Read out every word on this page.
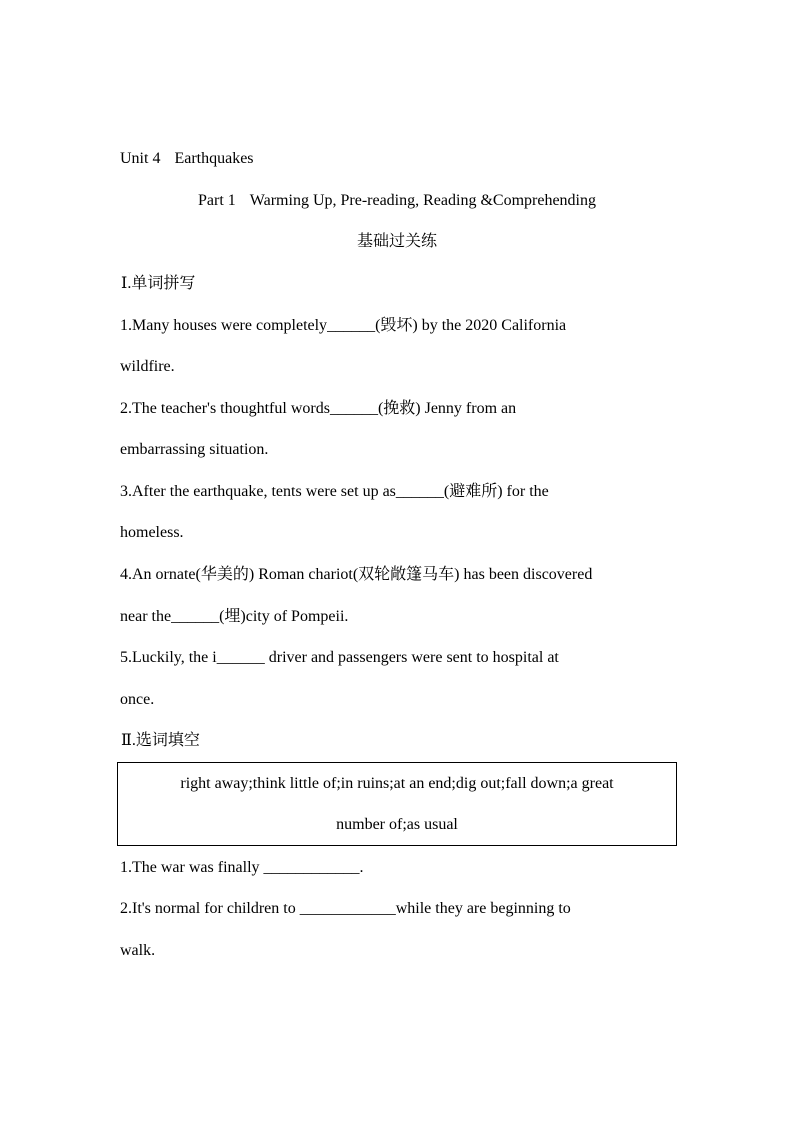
Unit 4 Earthquakes
Part 1 Warming Up, Pre-reading, Reading &Comprehending
基础过关练
Ⅰ.单词拼写
1.Many houses were completely______(毁坏) by the 2020 California
wildfire.
2.The teacher's thoughtful words______(挽救) Jenny from an
embarrassing situation.
3.After the earthquake, tents were set up as______(避难所) for the
homeless.
4.An ornate(华美的) Roman chariot(双轮敞篷马车) has been discovered
near the______(埋)city of Pompeii.
5.Luckily, the i______ driver and passengers were sent to hospital at
once.
Ⅱ.选词填空
right away;think little of;in ruins;at an end;dig out;fall down;a great
number of;as usual
1.The war was finally ____________.
2.It's normal for children to ____________while they are beginning to
walk.
